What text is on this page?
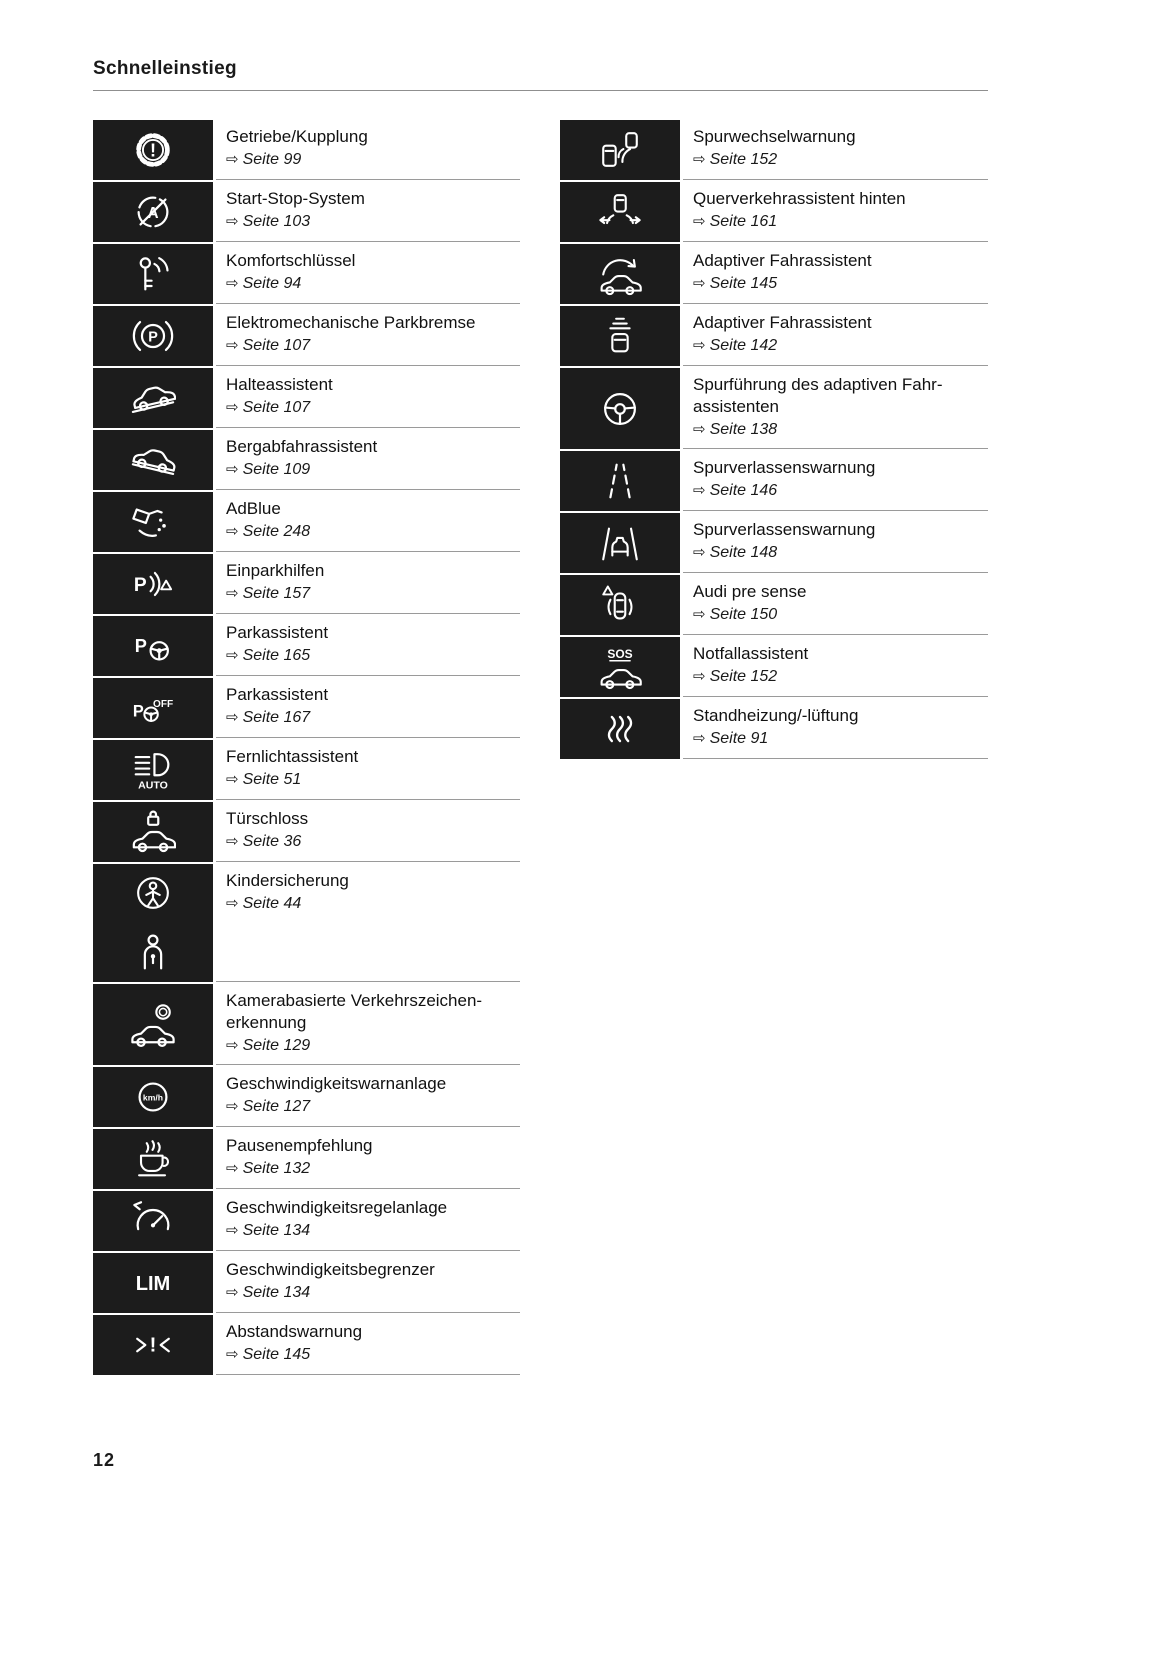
Schnelleinstieg
Getriebe/Kupplung
⇨ Seite 99
Start-Stop-System
⇨ Seite 103
Komfortschlüssel
⇨ Seite 94
Elektromechanische Parkbremse
⇨ Seite 107
Halteassistent
⇨ Seite 107
Bergabfahrassistent
⇨ Seite 109
AdBlue
⇨ Seite 248
Einparkhilfen
⇨ Seite 157
Parkassistent
⇨ Seite 165
Parkassistent
⇨ Seite 167
Fernlichtassistent
⇨ Seite 51
Türschloss
⇨ Seite 36
Kindersicherung
⇨ Seite 44
Kamerabasierte Verkehrszeichen-erkennung
⇨ Seite 129
Geschwindigkeitswarnanlage
⇨ Seite 127
Pausenempfehlung
⇨ Seite 132
Geschwindigkeitsregelanlage
⇨ Seite 134
Geschwindigkeitsbegrenzer
⇨ Seite 134
Abstandswarnung
⇨ Seite 145
Spurwechselwarnung
⇨ Seite 152
Querverkehrassistent hinten
⇨ Seite 161
Adaptiver Fahrassistent
⇨ Seite 145
Adaptiver Fahrassistent
⇨ Seite 142
Spurführung des adaptiven Fahr-assistenten
⇨ Seite 138
Spurverlassenswarnung
⇨ Seite 146
Spurverlassenswarnung
⇨ Seite 148
Audi pre sense
⇨ Seite 150
Notfallassistent
⇨ Seite 152
Standheizung/-lüftung
⇨ Seite 91
12
